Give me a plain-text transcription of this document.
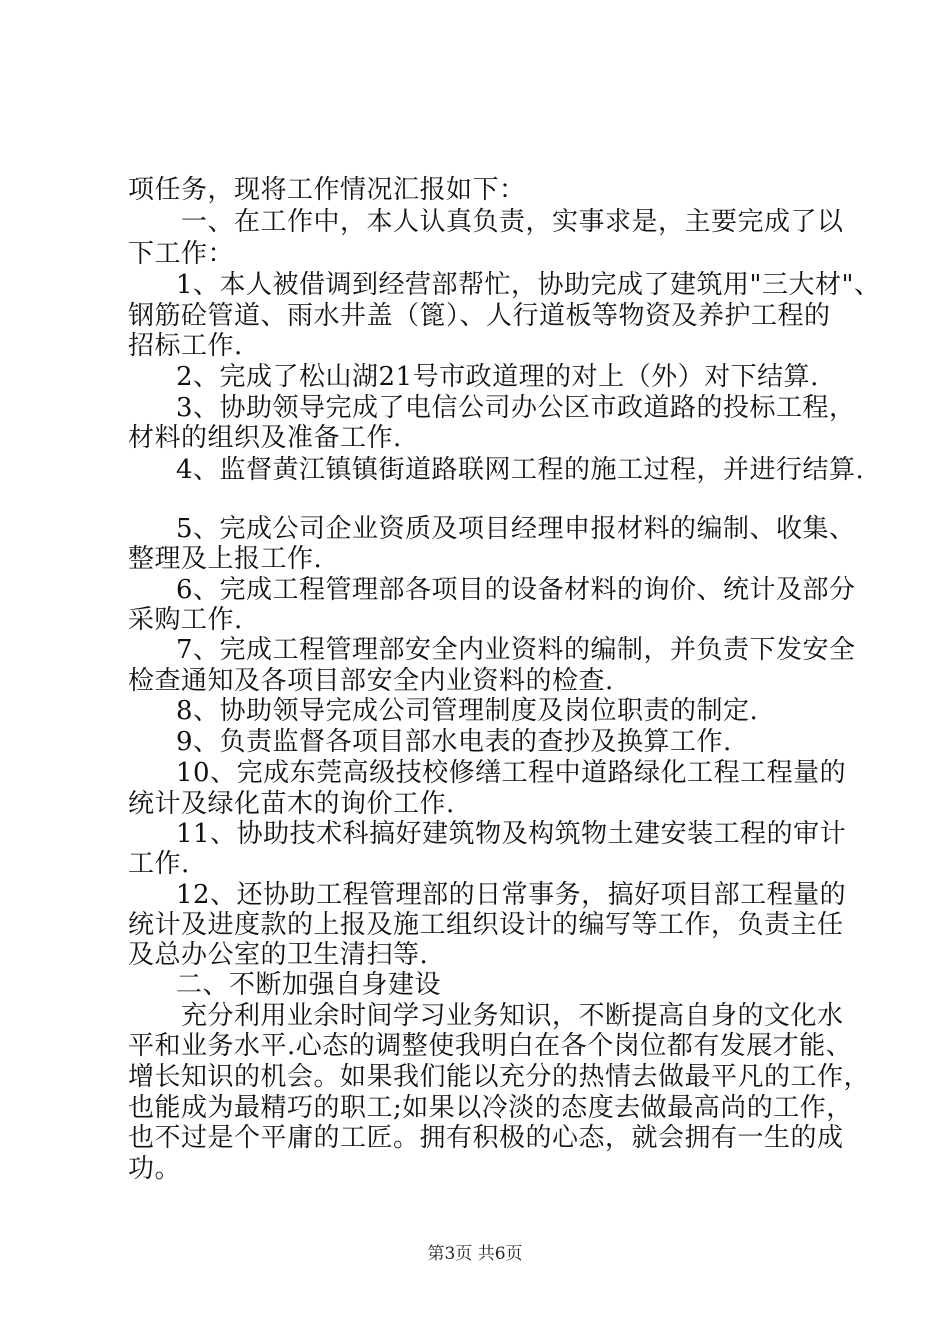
项任务，现将工作情况汇报如下：
一、在工作中，本人认真负责，实事求是，主要完成了以
下工作：
1、本人被借调到经营部帮忙，协助完成了建筑用"三大材"、
钢筋砼管道、雨水井盖（篦）、人行道板等物资及养护工程的
招标工作.
2、完成了松山湖21号市政道理的对上（外）对下结算.
3、协助领导完成了电信公司办公区市政道路的投标工程，
材料的组织及准备工作.
4、监督黄江镇镇街道路联网工程的施工过程，并进行结算.
5、完成公司企业资质及项目经理申报材料的编制、收集、
整理及上报工作.
6、完成工程管理部各项目的设备材料的询价、统计及部分
采购工作.
7、完成工程管理部安全内业资料的编制，并负责下发安全
检查通知及各项目部安全内业资料的检查.
8、协助领导完成公司管理制度及岗位职责的制定.
9、负责监督各项目部水电表的查抄及换算工作.
10、完成东莞高级技校修缮工程中道路绿化工程工程量的
统计及绿化苗木的询价工作.
11、协助技术科搞好建筑物及构筑物土建安装工程的审计
工作.
12、还协助工程管理部的日常事务，搞好项目部工程量的
统计及进度款的上报及施工组织设计的编写等工作，负责主任
及总办公室的卫生清扫等.
二、不断加强自身建设
充分利用业余时间学习业务知识，不断提高自身的文化水
平和业务水平.心态的调整使我明白在各个岗位都有发展才能、
增长知识的机会。如果我们能以充分的热情去做最平凡的工作，
也能成为最精巧的职工;如果以冷淡的态度去做最高尚的工作，
也不过是个平庸的工匠。拥有积极的心态，就会拥有一生的成
功。
第3页 共6页
